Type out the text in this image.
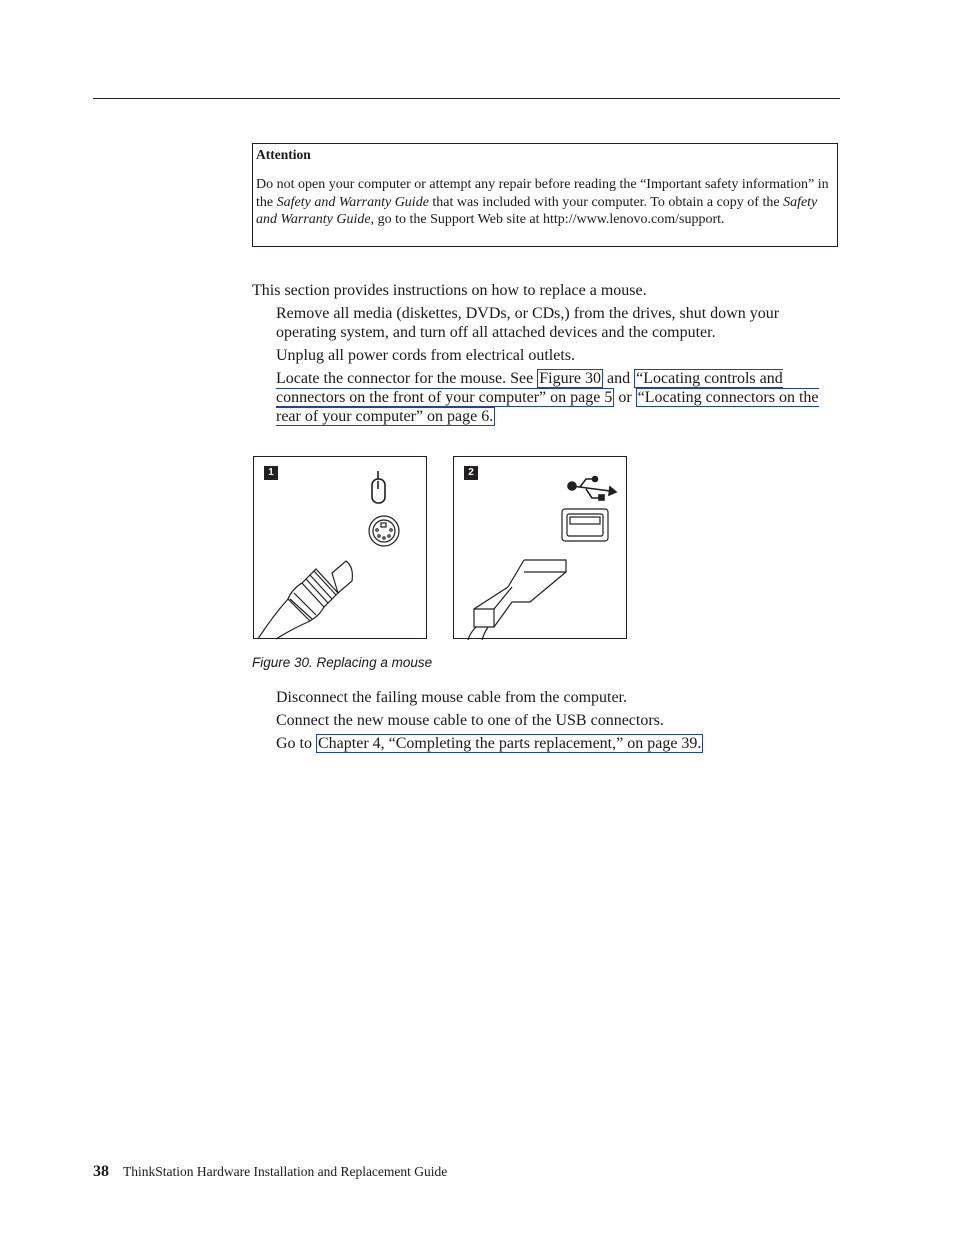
Attention

Do not open your computer or attempt any repair before reading the “Important safety information” in the Safety and Warranty Guide that was included with your computer. To obtain a copy of the Safety and Warranty Guide, go to the Support Web site at http://www.lenovo.com/support.

This section provides instructions on how to replace a mouse.

Remove all media (diskettes, DVDs, or CDs,) from the drives, shut down your operating system, and turn off all attached devices and the computer.

Unplug all power cords from electrical outlets.

Locate the connector for the mouse. See Figure 30 and “Locating controls and connectors on the front of your computer” on page 5 or “Locating connectors on the rear of your computer” on page 6.

1	2

Figure 30. Replacing a mouse

Disconnect the failing mouse cable from the computer.

Connect the new mouse cable to one of the USB connectors.

Go to Chapter 4, “Completing the parts replacement,” on page 39.

38 ThinkStation Hardware Installation and Replacement Guide
